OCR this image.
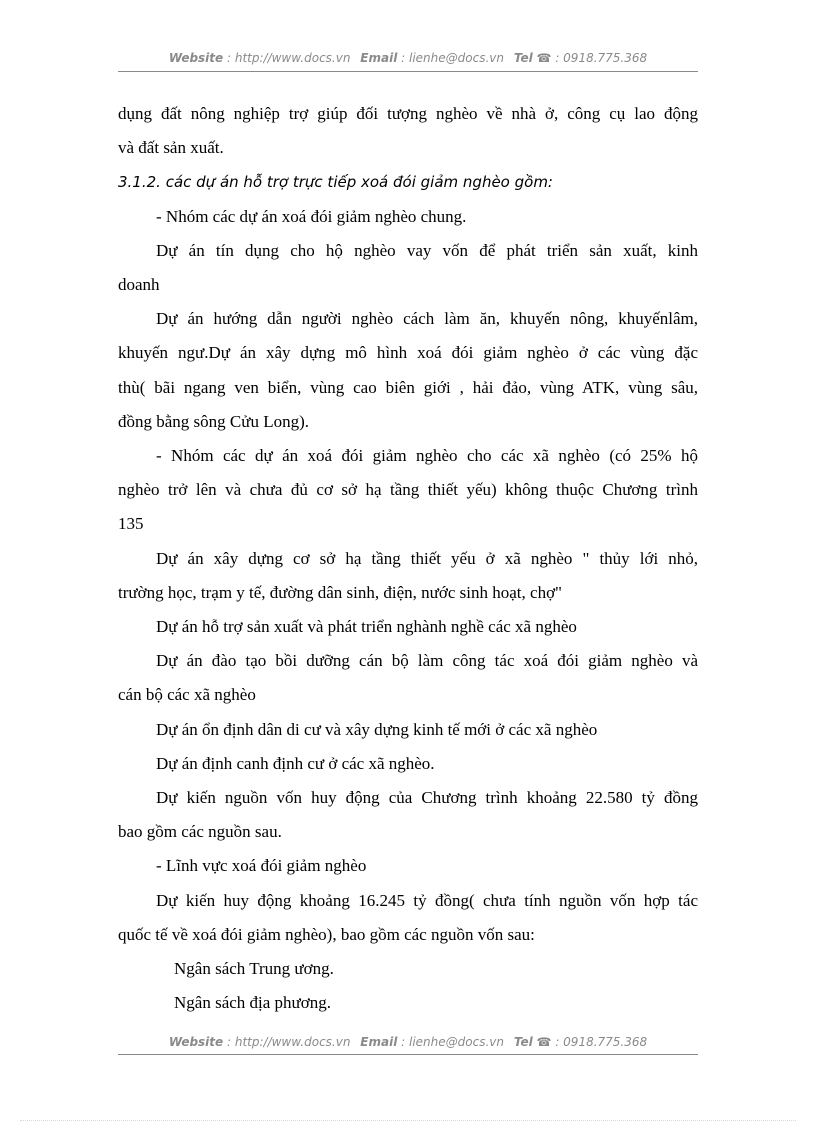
Website : http://www.docs.vn Email : lienhe@docs.vn Tel ☎ : 0918.775.368

dụng đất nông nghiệp trợ giúp đối tượng nghèo về nhà ở, công cụ lao động

và đất sản xuất.

3.1.2. các dự án hỗ trợ trực tiếp xoá đói giảm nghèo gồm:

- Nhóm các dự án xoá đói giảm nghèo chung.

Dự án tín dụng cho hộ nghèo vay vốn để phát triển sản xuất, kinh

doanh

Dự án hướng dẫn người nghèo cách làm ăn, khuyến nông, khuyếnlâm,

khuyến ngư.Dự án xây dựng mô hình xoá đói giảm nghèo ở các vùng đặc

thù( bãi ngang ven biển, vùng cao biên giới , hải đảo, vùng ATK, vùng sâu,

đồng bằng sông Cửu Long).

- Nhóm các dự án xoá đói giảm nghèo cho các xã nghèo (có 25% hộ

nghèo trở lên và chưa đủ cơ sở hạ tầng thiết yếu) không thuộc Chương trình

135

Dự án xây dựng cơ sở hạ tầng thiết yếu ở xã nghèo " thủy lới nhỏ,

trường học, trạm y tế, đường dân sinh, điện, nước sinh hoạt, chợ"

Dự án hỗ trợ sản xuất và phát triển nghành nghề các xã nghèo

Dự án đào tạo bồi dưỡng cán bộ làm công tác xoá đói giảm nghèo và

cán bộ các xã nghèo

Dự án ổn định dân di cư và xây dựng kinh tế mới ở các xã nghèo

Dự án định canh định cư ở các xã nghèo.

Dự kiến nguồn vốn huy động của Chương trình khoảng 22.580 tỷ đồng

bao gồm các nguồn sau.

- Lĩnh vực xoá đói giảm nghèo

Dự kiến huy động khoảng 16.245 tỷ đồng( chưa tính nguồn vốn hợp tác

quốc tế về xoá đói giảm nghèo), bao gồm các nguồn vốn sau:

Ngân sách Trung ương.

Ngân sách địa phương.

Website : http://www.docs.vn Email : lienhe@docs.vn Tel ☎ : 0918.775.368
